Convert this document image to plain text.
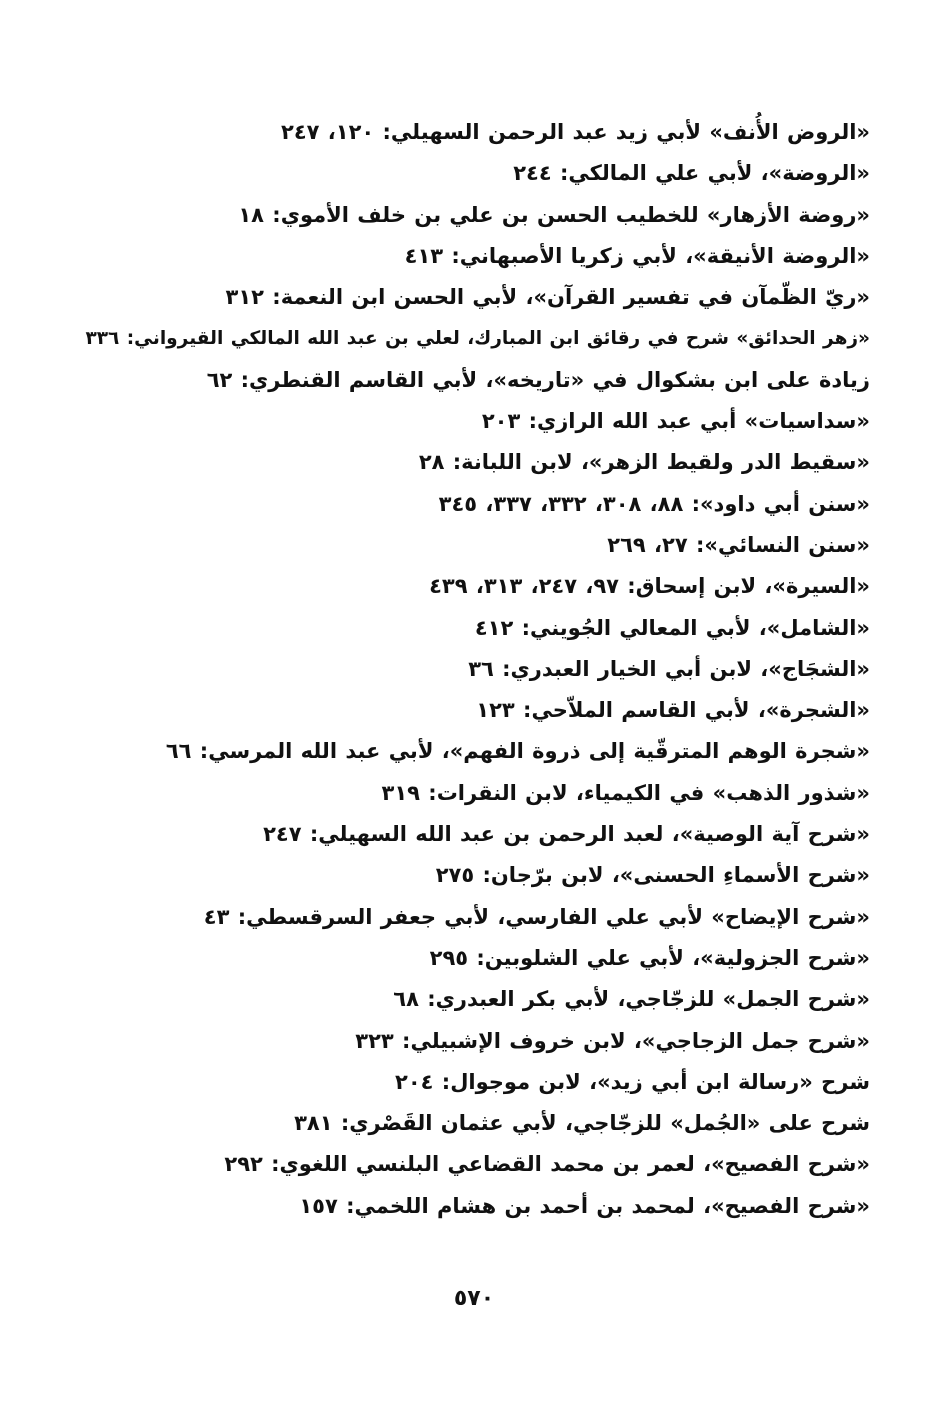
«الروض الأُنف» لأبي زيد عبد الرحمن السهيلي: ١٢٠، ٢٤٧
«الروضة»، لأبي علي المالكي: ٢٤٤
«روضة الأزهار» للخطيب الحسن بن علي بن خلف الأموي: ١٨
«الروضة الأنيقة»، لأبي زكريا الأصبهاني: ٤١٣
«ريّ الظّمآن في تفسير القرآن»، لأبي الحسن ابن النعمة: ٣١٢
«زهر الحدائق» شرح في رقائق ابن المبارك، لعلي بن عبد الله المالكي القيرواني: ٣٣٦
زيادة على ابن بشكوال في «تاريخه»، لأبي القاسم القنطري: ٦٢
«سداسيات» أبي عبد الله الرازي: ٢٠٣
«سقيط الدر ولقيط الزهر»، لابن اللبانة: ٢٨
«سنن أبي داود»: ٨٨، ٣٠٨، ٣٣٢، ٣٣٧، ٣٤٥
«سنن النسائي»: ٢٧، ٢٦٩
«السيرة»، لابن إسحاق: ٩٧، ٢٤٧، ٣١٣، ٤٣٩
«الشامل»، لأبي المعالي الجُويني: ٤١٢
«الشجَاج»، لابن أبي الخيار العبدري: ٣٦
«الشجرة»، لأبي القاسم الملاّحي: ١٢٣
«شجرة الوهم المترقّية إلى ذروة الفهم»، لأبي عبد الله المرسي: ٦٦
«شذور الذهب» في الكيمياء، لابن النقرات: ٣١٩
«شرح آية الوصية»، لعبد الرحمن بن عبد الله السهيلي: ٢٤٧
«شرح الأسماءِ الحسنى»، لابن برّجان: ٢٧٥
«شرح الإيضاح» لأبي علي الفارسي، لأبي جعفر السرقسطي: ٤٣
«شرح الجزولية»، لأبي علي الشلوبين: ٢٩٥
«شرح الجمل» للزجّاجي، لأبي بكر العبدري: ٦٨
«شرح جمل الزجاجي»، لابن خروف الإشبيلي: ٣٢٣
شرح «رسالة ابن أبي زيد»، لابن موجوال: ٢٠٤
شرح على «الجُمل» للزجّاجي، لأبي عثمان القَصْري: ٣٨١
«شرح الفصيح»، لعمر بن محمد القضاعي البلنسي اللغوي: ٢٩٢
«شرح الفصيح»، لمحمد بن أحمد بن هشام اللخمي: ١٥٧
٥٧٠
